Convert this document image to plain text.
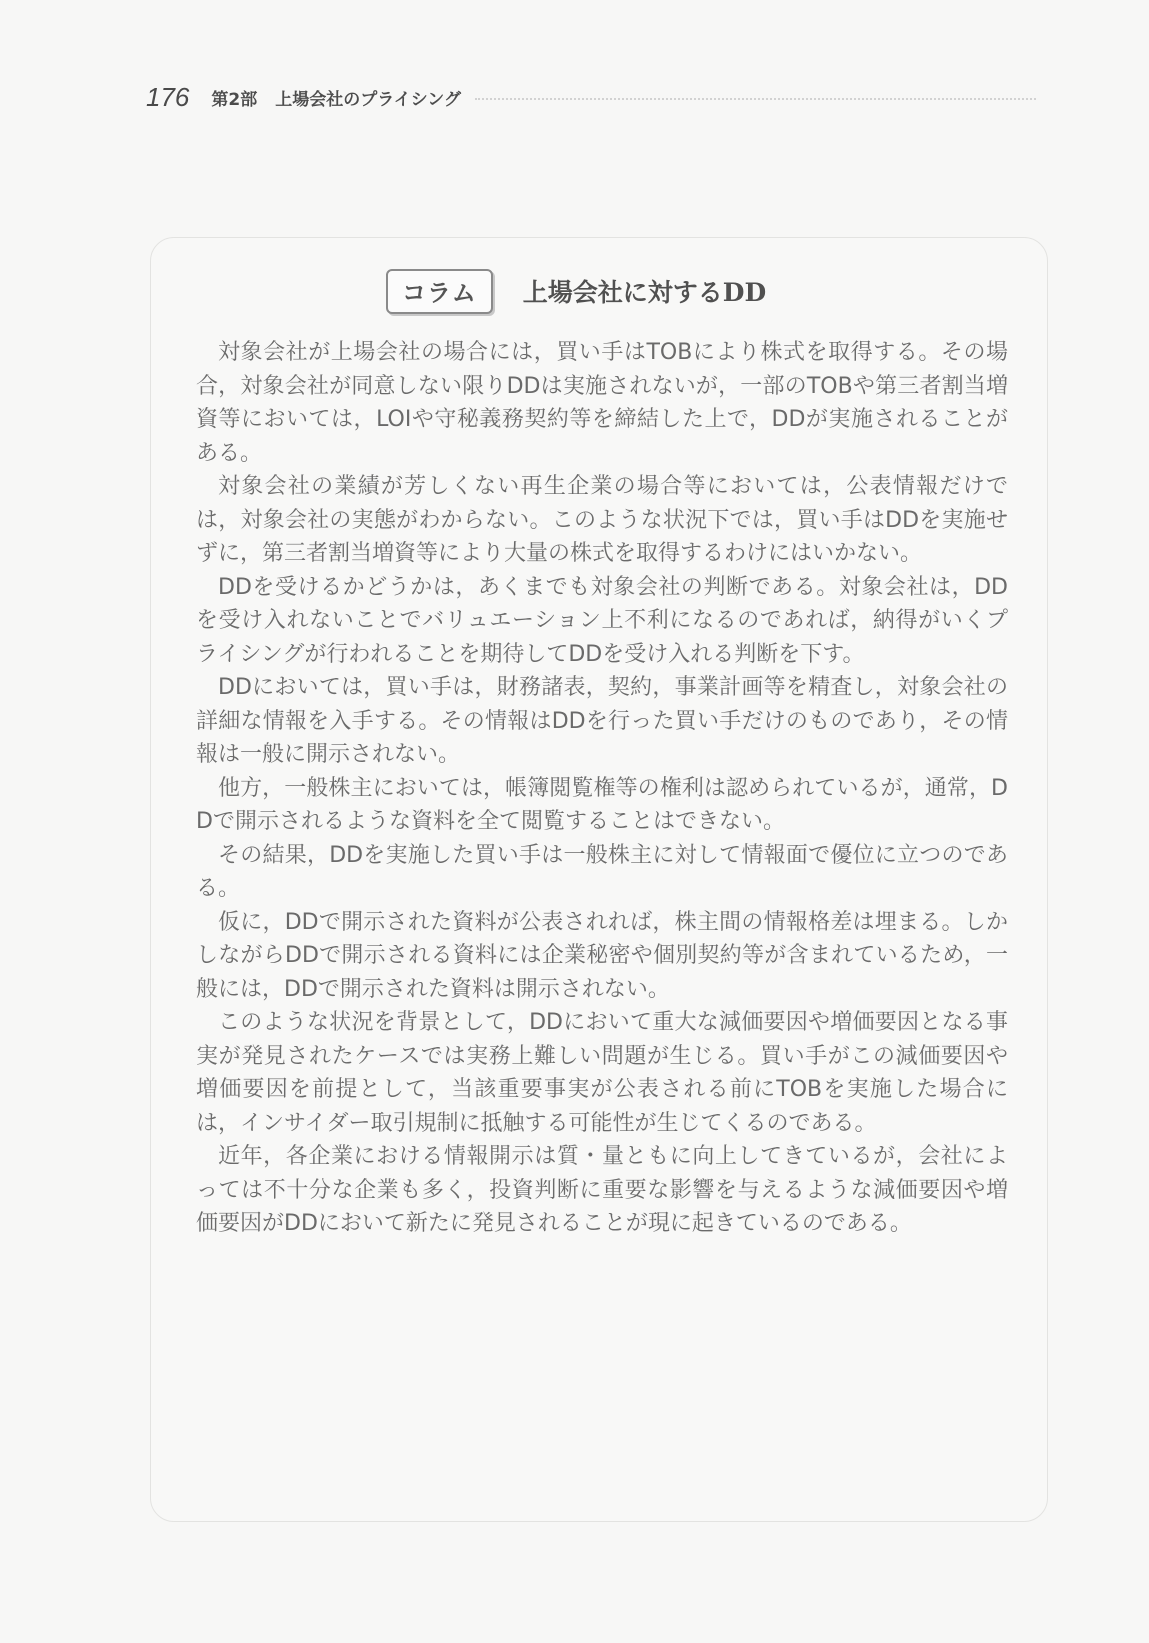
176 第2部 上場会社のプライシング
コラム	上場会社に対するDD

対象会社が上場会社の場合には，買い手はTOBにより株式を取得する。その場合，対象会社が同意しない限りDDは実施されないが，一部のTOBや第三者割当増資等においては，LOIや守秘義務契約等を締結した上で，DDが実施されることがある。

対象会社の業績が芳しくない再生企業の場合等においては，公表情報だけでは，対象会社の実態がわからない。このような状況下では，買い手はDDを実施せずに，第三者割当増資等により大量の株式を取得するわけにはいかない。

DDを受けるかどうかは，あくまでも対象会社の判断である。対象会社は，DDを受け入れないことでバリュエーション上不利になるのであれば，納得がいくプライシングが行われることを期待してDDを受け入れる判断を下す。

DDにおいては，買い手は，財務諸表，契約，事業計画等を精査し，対象会社の詳細な情報を入手する。その情報はDDを行った買い手だけのものであり，その情報は一般に開示されない。

他方，一般株主においては，帳簿閲覧権等の権利は認められているが，通常，DDで開示されるような資料を全て閲覧することはできない。

その結果，DDを実施した買い手は一般株主に対して情報面で優位に立つのである。

仮に，DDで開示された資料が公表されれば，株主間の情報格差は埋まる。しかしながらDDで開示される資料には企業秘密や個別契約等が含まれているため，一般には，DDで開示された資料は開示されない。

このような状況を背景として，DDにおいて重大な減価要因や増価要因となる事実が発見されたケースでは実務上難しい問題が生じる。買い手がこの減価要因や増価要因を前提として，当該重要事実が公表される前にTOBを実施した場合には，インサイダー取引規制に抵触する可能性が生じてくるのである。

近年，各企業における情報開示は質・量ともに向上してきているが，会社によっては不十分な企業も多く，投資判断に重要な影響を与えるような減価要因や増価要因がDDにおいて新たに発見されることが現に起きているのである。
